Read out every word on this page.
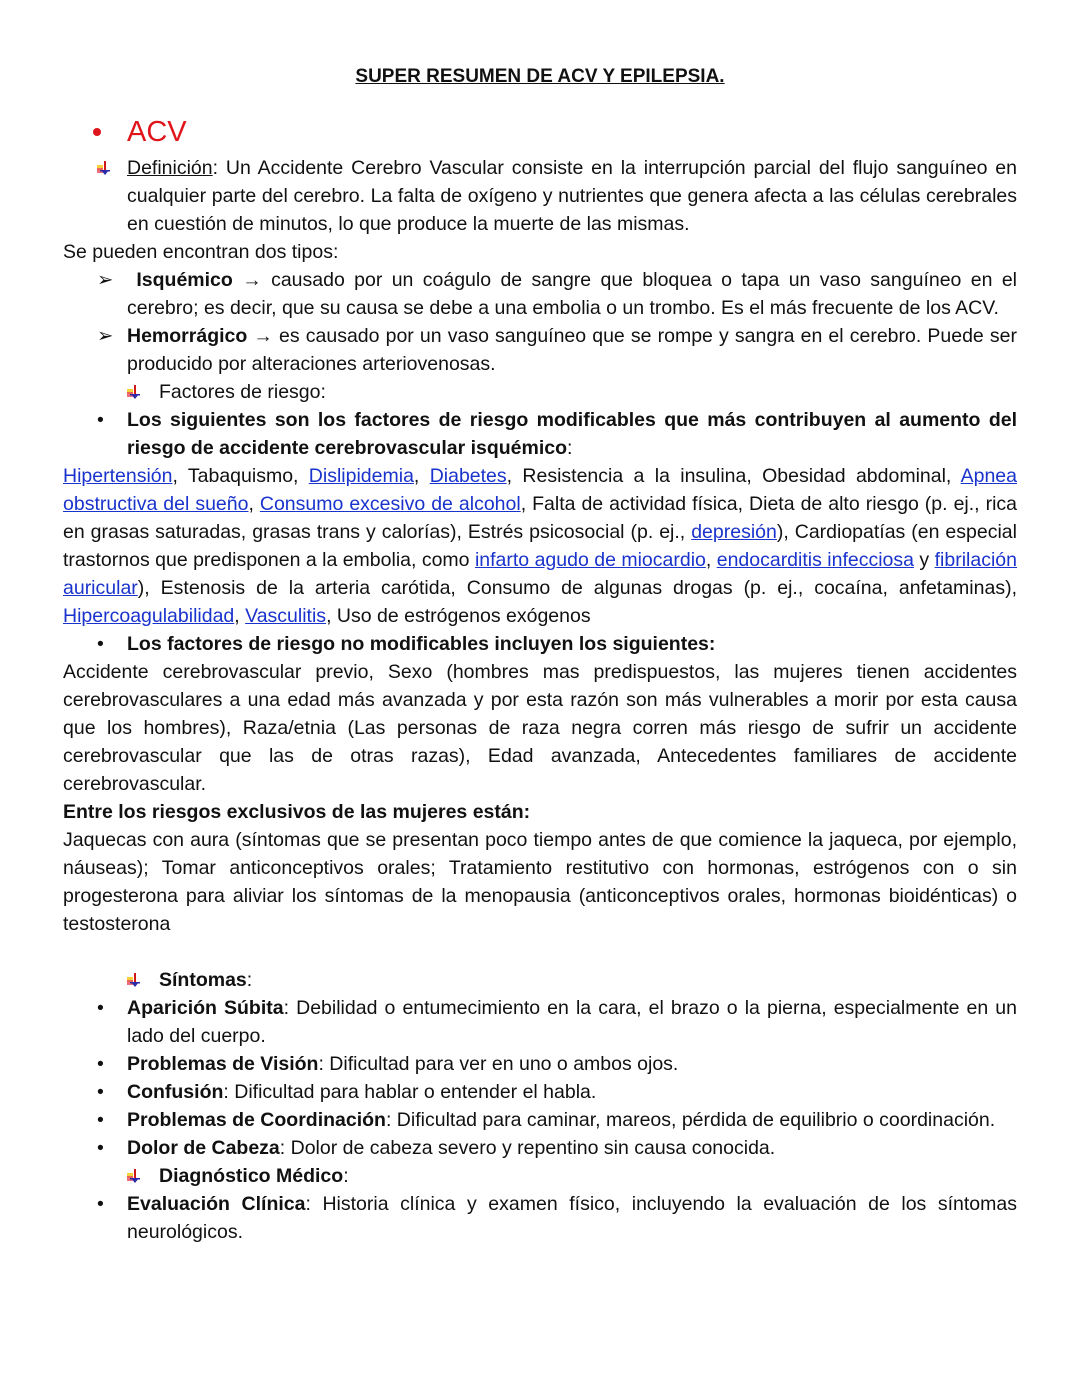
SUPER RESUMEN DE ACV Y EPILEPSIA.
ACV

Definición: Un Accidente Cerebro Vascular consiste en la interrupción parcial del flujo sanguíneo en cualquier parte del cerebro. La falta de oxígeno y nutrientes que genera afecta a las células cerebrales en cuestión de minutos, lo que produce la muerte de las mismas.

Se pueden encontran dos tipos:

➢ Isquémico → causado por un coágulo de sangre que bloquea o tapa un vaso sanguíneo en el cerebro; es decir, que su causa se debe a una embolia o un trombo. Es el más frecuente de los ACV.

➢ Hemorrágico → es causado por un vaso sanguíneo que se rompe y sangra en el cerebro. Puede ser producido por alteraciones arteriovenosas.

Factores de riesgo:

• Los siguientes son los factores de riesgo modificables que más contribuyen al aumento del riesgo de accidente cerebrovascular isquémico:

Hipertensión, Tabaquismo, Dislipidemia, Diabetes, Resistencia a la insulina, Obesidad abdominal, Apnea obstructiva del sueño, Consumo excesivo de alcohol, Falta de actividad física, Dieta de alto riesgo (p. ej., rica en grasas saturadas, grasas trans y calorías), Estrés psicosocial (p. ej., depresión), Cardiopatías (en especial trastornos que predisponen a la embolia, como infarto agudo de miocardio, endocarditis infecciosa y fibrilación auricular), Estenosis de la arteria carótida, Consumo de algunas drogas (p. ej., cocaína, anfetaminas), Hipercoagulabilidad, Vasculitis, Uso de estrógenos exógenos

• Los factores de riesgo no modificables incluyen los siguientes:

Accidente cerebrovascular previo, Sexo (hombres mas predispuestos, las mujeres tienen accidentes cerebrovasculares a una edad más avanzada y por esta razón son más vulnerables a morir por esta causa que los hombres), Raza/etnia (Las personas de raza negra corren más riesgo de sufrir un accidente cerebrovascular que las de otras razas), Edad avanzada, Antecedentes familiares de accidente cerebrovascular.

Entre los riesgos exclusivos de las mujeres están:

Jaquecas con aura (síntomas que se presentan poco tiempo antes de que comience la jaqueca, por ejemplo, náuseas); Tomar anticonceptivos orales; Tratamiento restitutivo con hormonas, estrógenos con o sin progesterona para aliviar los síntomas de la menopausia (anticonceptivos orales, hormonas bioidénticas) o testosterona

Síntomas:

• Aparición Súbita: Debilidad o entumecimiento en la cara, el brazo o la pierna, especialmente en un lado del cuerpo.

• Problemas de Visión: Dificultad para ver en uno o ambos ojos.

• Confusión: Dificultad para hablar o entender el habla.

• Problemas de Coordinación: Dificultad para caminar, mareos, pérdida de equilibrio o coordinación.

• Dolor de Cabeza: Dolor de cabeza severo y repentino sin causa conocida.

Diagnóstico Médico:

• Evaluación Clínica: Historia clínica y examen físico, incluyendo la evaluación de los síntomas neurológicos.
